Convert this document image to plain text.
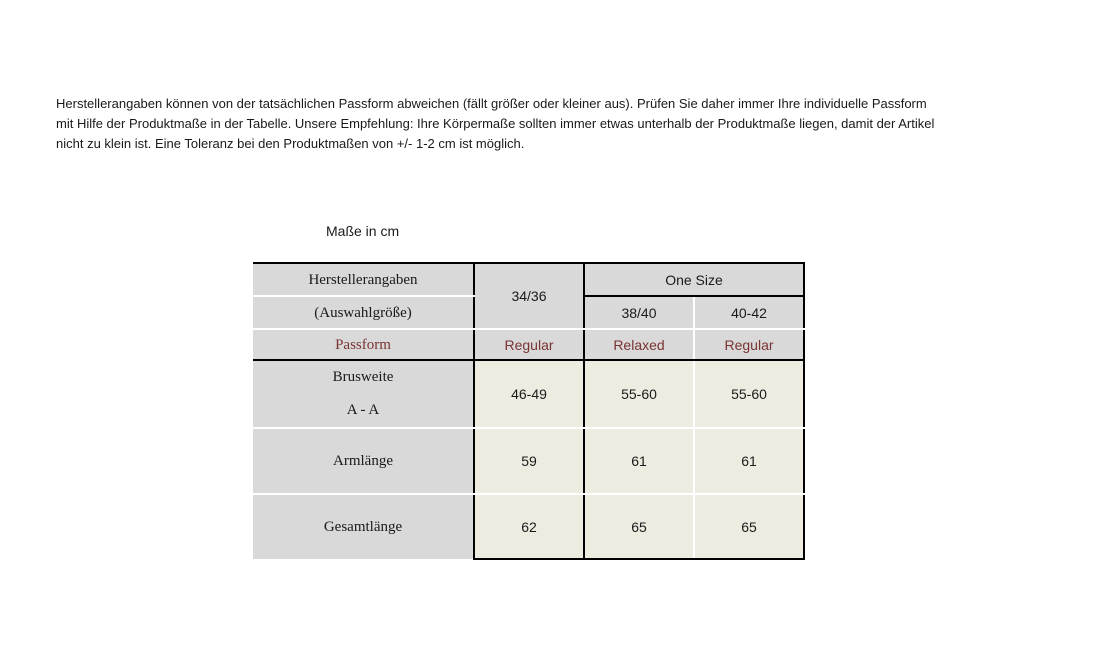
Herstellerangaben können von der tatsächlichen Passform abweichen (fällt größer oder kleiner aus). Prüfen Sie daher immer Ihre individuelle Passform
mit Hilfe der Produktmaße in der Tabelle. Unsere Empfehlung: Ihre Körpermaße sollten immer etwas unterhalb der Produktmaße liegen, damit der Artikel
nicht zu klein ist. Eine Toleranz bei den Produktmaßen von +/- 1-2 cm ist möglich.
Maße in cm
Herstellerangaben	34/36	One Size	
(Auswahlgröße)		38/40	40-42
Passform	Regular	Relaxed	Regular

Brusweite
A - A	46-49	55-60	55-60
Armlänge	59	61	61
Gesamtlänge	62	65	65
